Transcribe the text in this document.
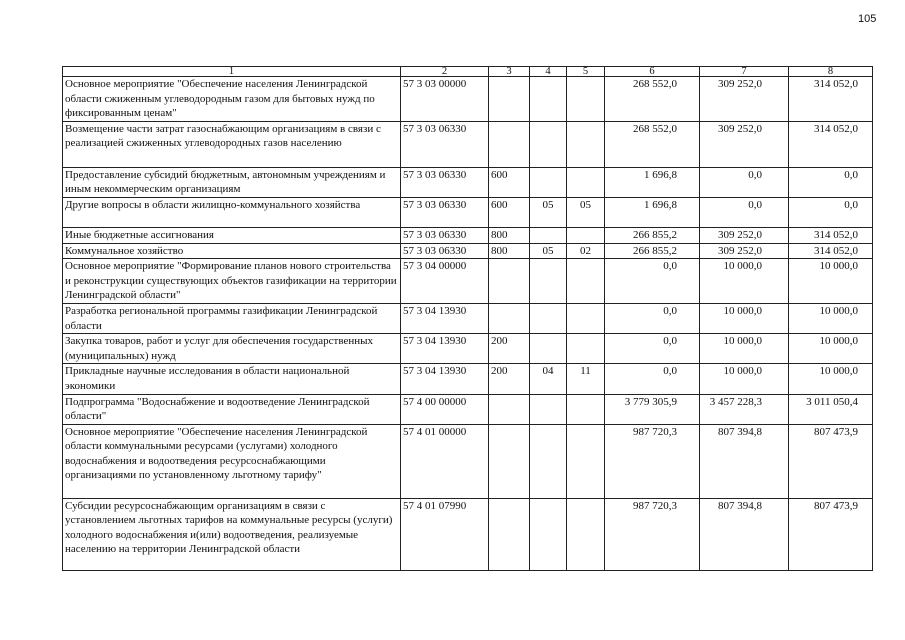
105
1	2	3	4	5	6	7	8
Основное мероприятие "Обеспечение населения Ленинградской области сжиженным углеводородным газом для бытовых нужд по фиксированным ценам"	57 3 03 00000				268 552,0	309 252,0	314 052,0
Возмещение части затрат газоснабжающим организациям в связи с реализацией сжиженных углеводородных газов населению	57 3 03 06330				268 552,0	309 252,0	314 052,0
Предоставление субсидий бюджетным, автономным учреждениям и иным некоммерческим организациям	57 3 03 06330	600			1 696,8	0,0	0,0
Другие вопросы в области жилищно-коммунального хозяйства	57 3 03 06330	600	05	05	1 696,8	0,0	0,0
Иные бюджетные ассигнования	57 3 03 06330	800			266 855,2	309 252,0	314 052,0
Коммунальное хозяйство	57 3 03 06330	800	05	02	266 855,2	309 252,0	314 052,0
Основное мероприятие "Формирование планов нового строительства и реконструкции существующих объектов газификации на территории Ленинградской области"	57 3 04 00000				0,0	10 000,0	10 000,0
Разработка региональной программы газификации Ленинградской области	57 3 04 13930				0,0	10 000,0	10 000,0
Закупка товаров, работ и услуг для обеспечения государственных (муниципальных) нужд	57 3 04 13930	200			0,0	10 000,0	10 000,0
Прикладные научные исследования в области национальной экономики	57 3 04 13930	200	04	11	0,0	10 000,0	10 000,0
Подпрограмма "Водоснабжение и водоотведение Ленинградской области"	57 4 00 00000				3 779 305,9	3 457 228,3	3 011 050,4
Основное мероприятие "Обеспечение населения Ленинградской области коммунальными ресурсами (услугами) холодного водоснабжения и водоотведения ресурсоснабжающими организациями по установленному льготному тарифу"	57 4 01 00000				987 720,3	807 394,8	807 473,9
Субсидии ресурсоснабжающим организациям в связи с установлением льготных тарифов на коммунальные ресурсы (услуги) холодного водоснабжения и(или) водоотведения, реализуемые населению на территории Ленинградской области	57 4 01 07990				987 720,3	807 394,8	807 473,9
